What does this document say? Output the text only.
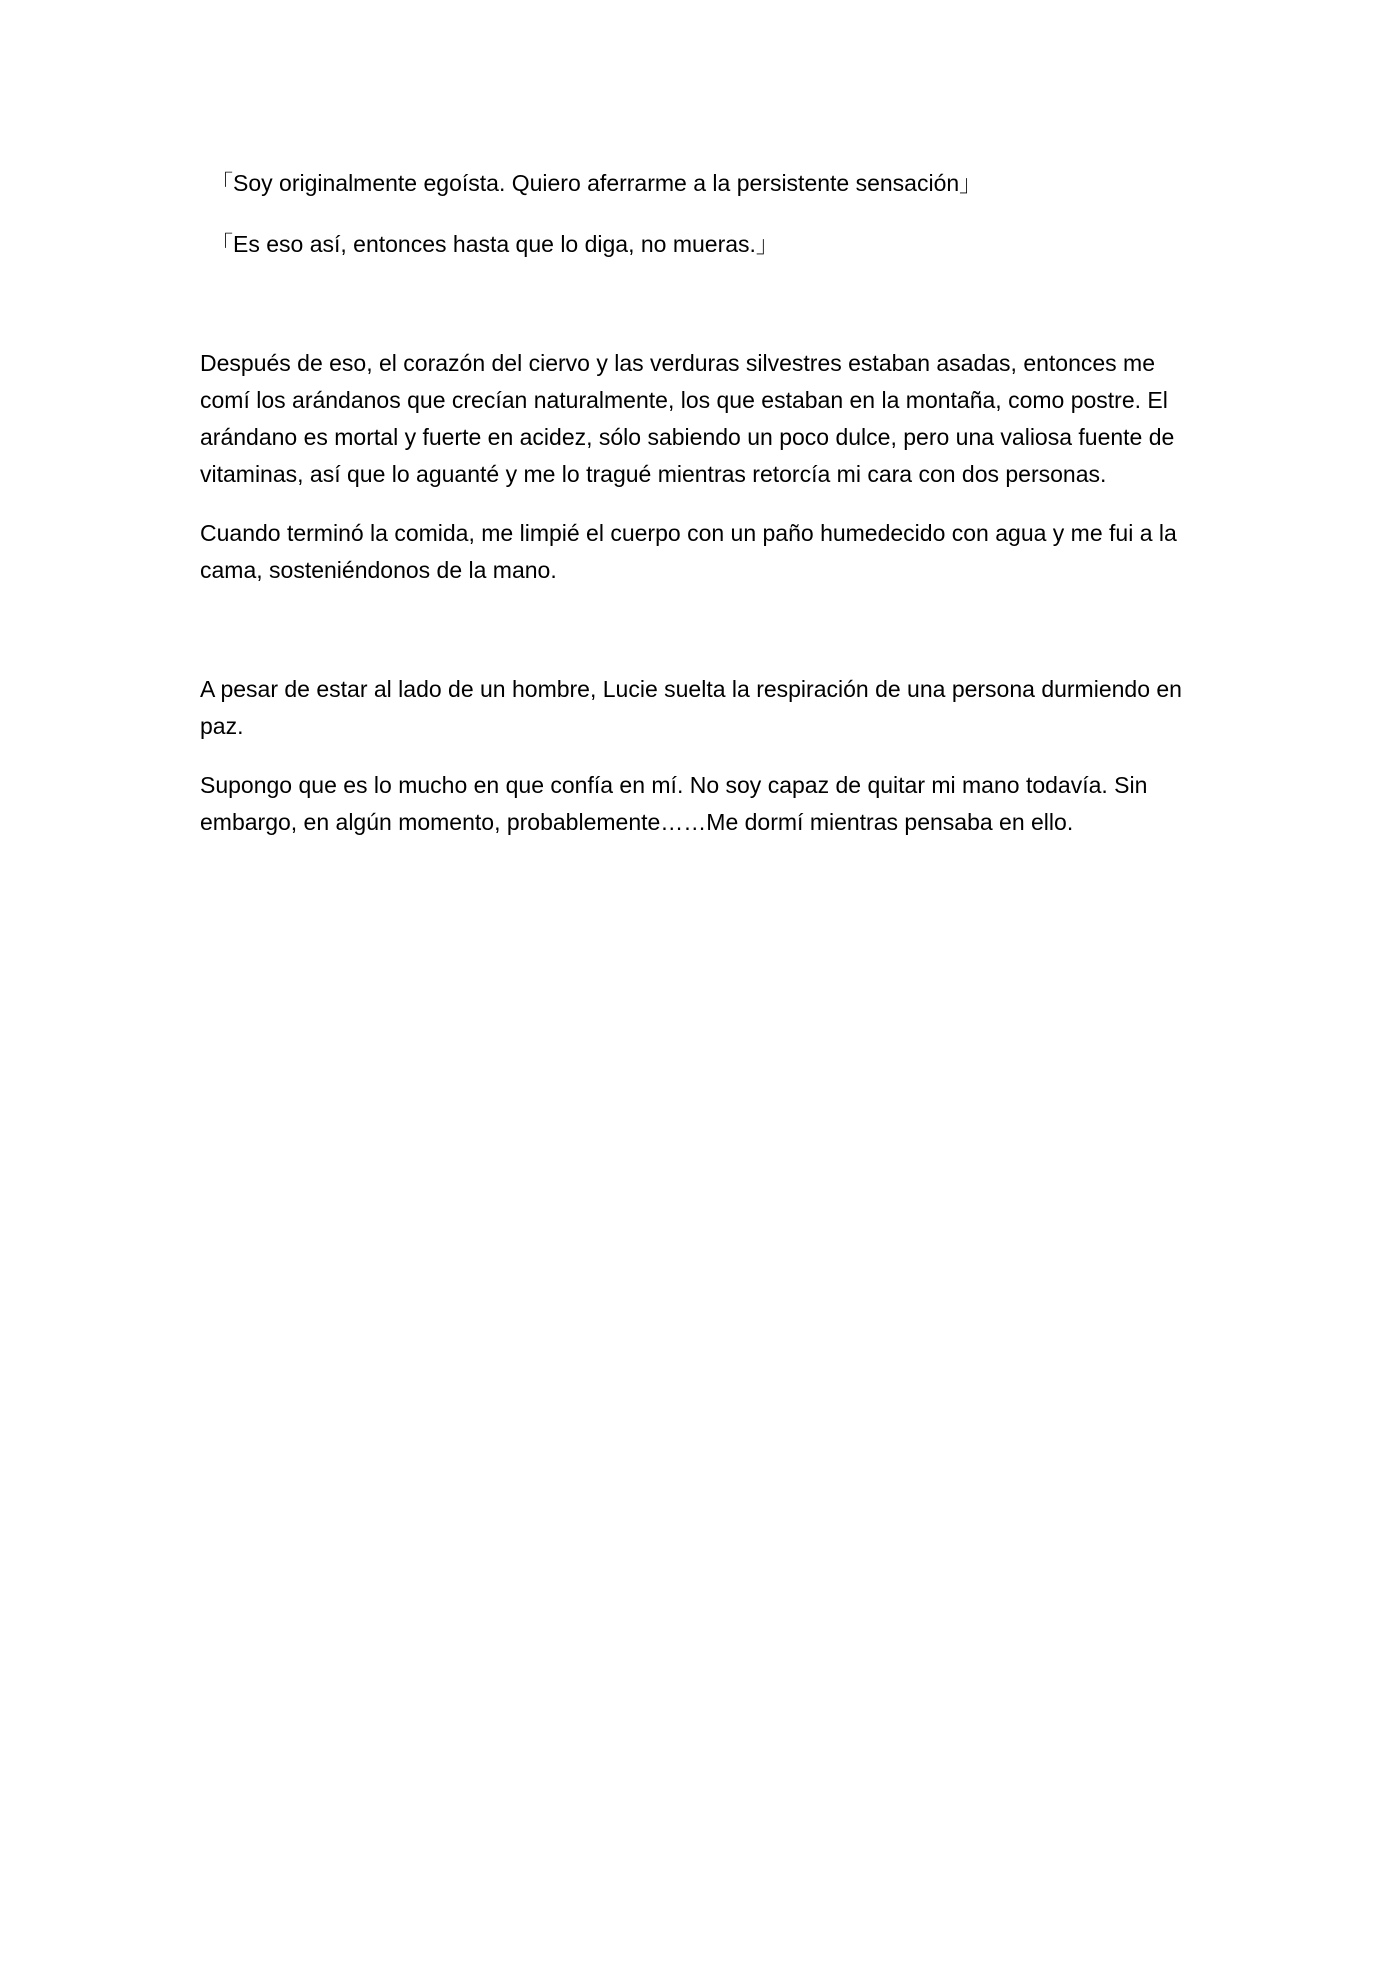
「Soy originalmente egoísta. Quiero aferrarme a la persistente sensación」

「Es eso así, entonces hasta que lo diga, no mueras.」

Después de eso, el corazón del ciervo y las verduras silvestres estaban asadas, entonces me comí los arándanos que crecían naturalmente, los que estaban en la montaña, como postre. El arándano es mortal y fuerte en acidez, sólo sabiendo un poco dulce, pero una valiosa fuente de vitaminas, así que lo aguanté y me lo tragué mientras retorcía mi cara con dos personas.

Cuando terminó la comida, me limpié el cuerpo con un paño humedecido con agua y me fui a la cama, sosteniéndonos de la mano.

A pesar de estar al lado de un hombre, Lucie suelta la respiración de una persona durmiendo en paz.

Supongo que es lo mucho en que confía en mí. No soy capaz de quitar mi mano todavía. Sin embargo, en algún momento, probablemente……Me dormí mientras pensaba en ello.
